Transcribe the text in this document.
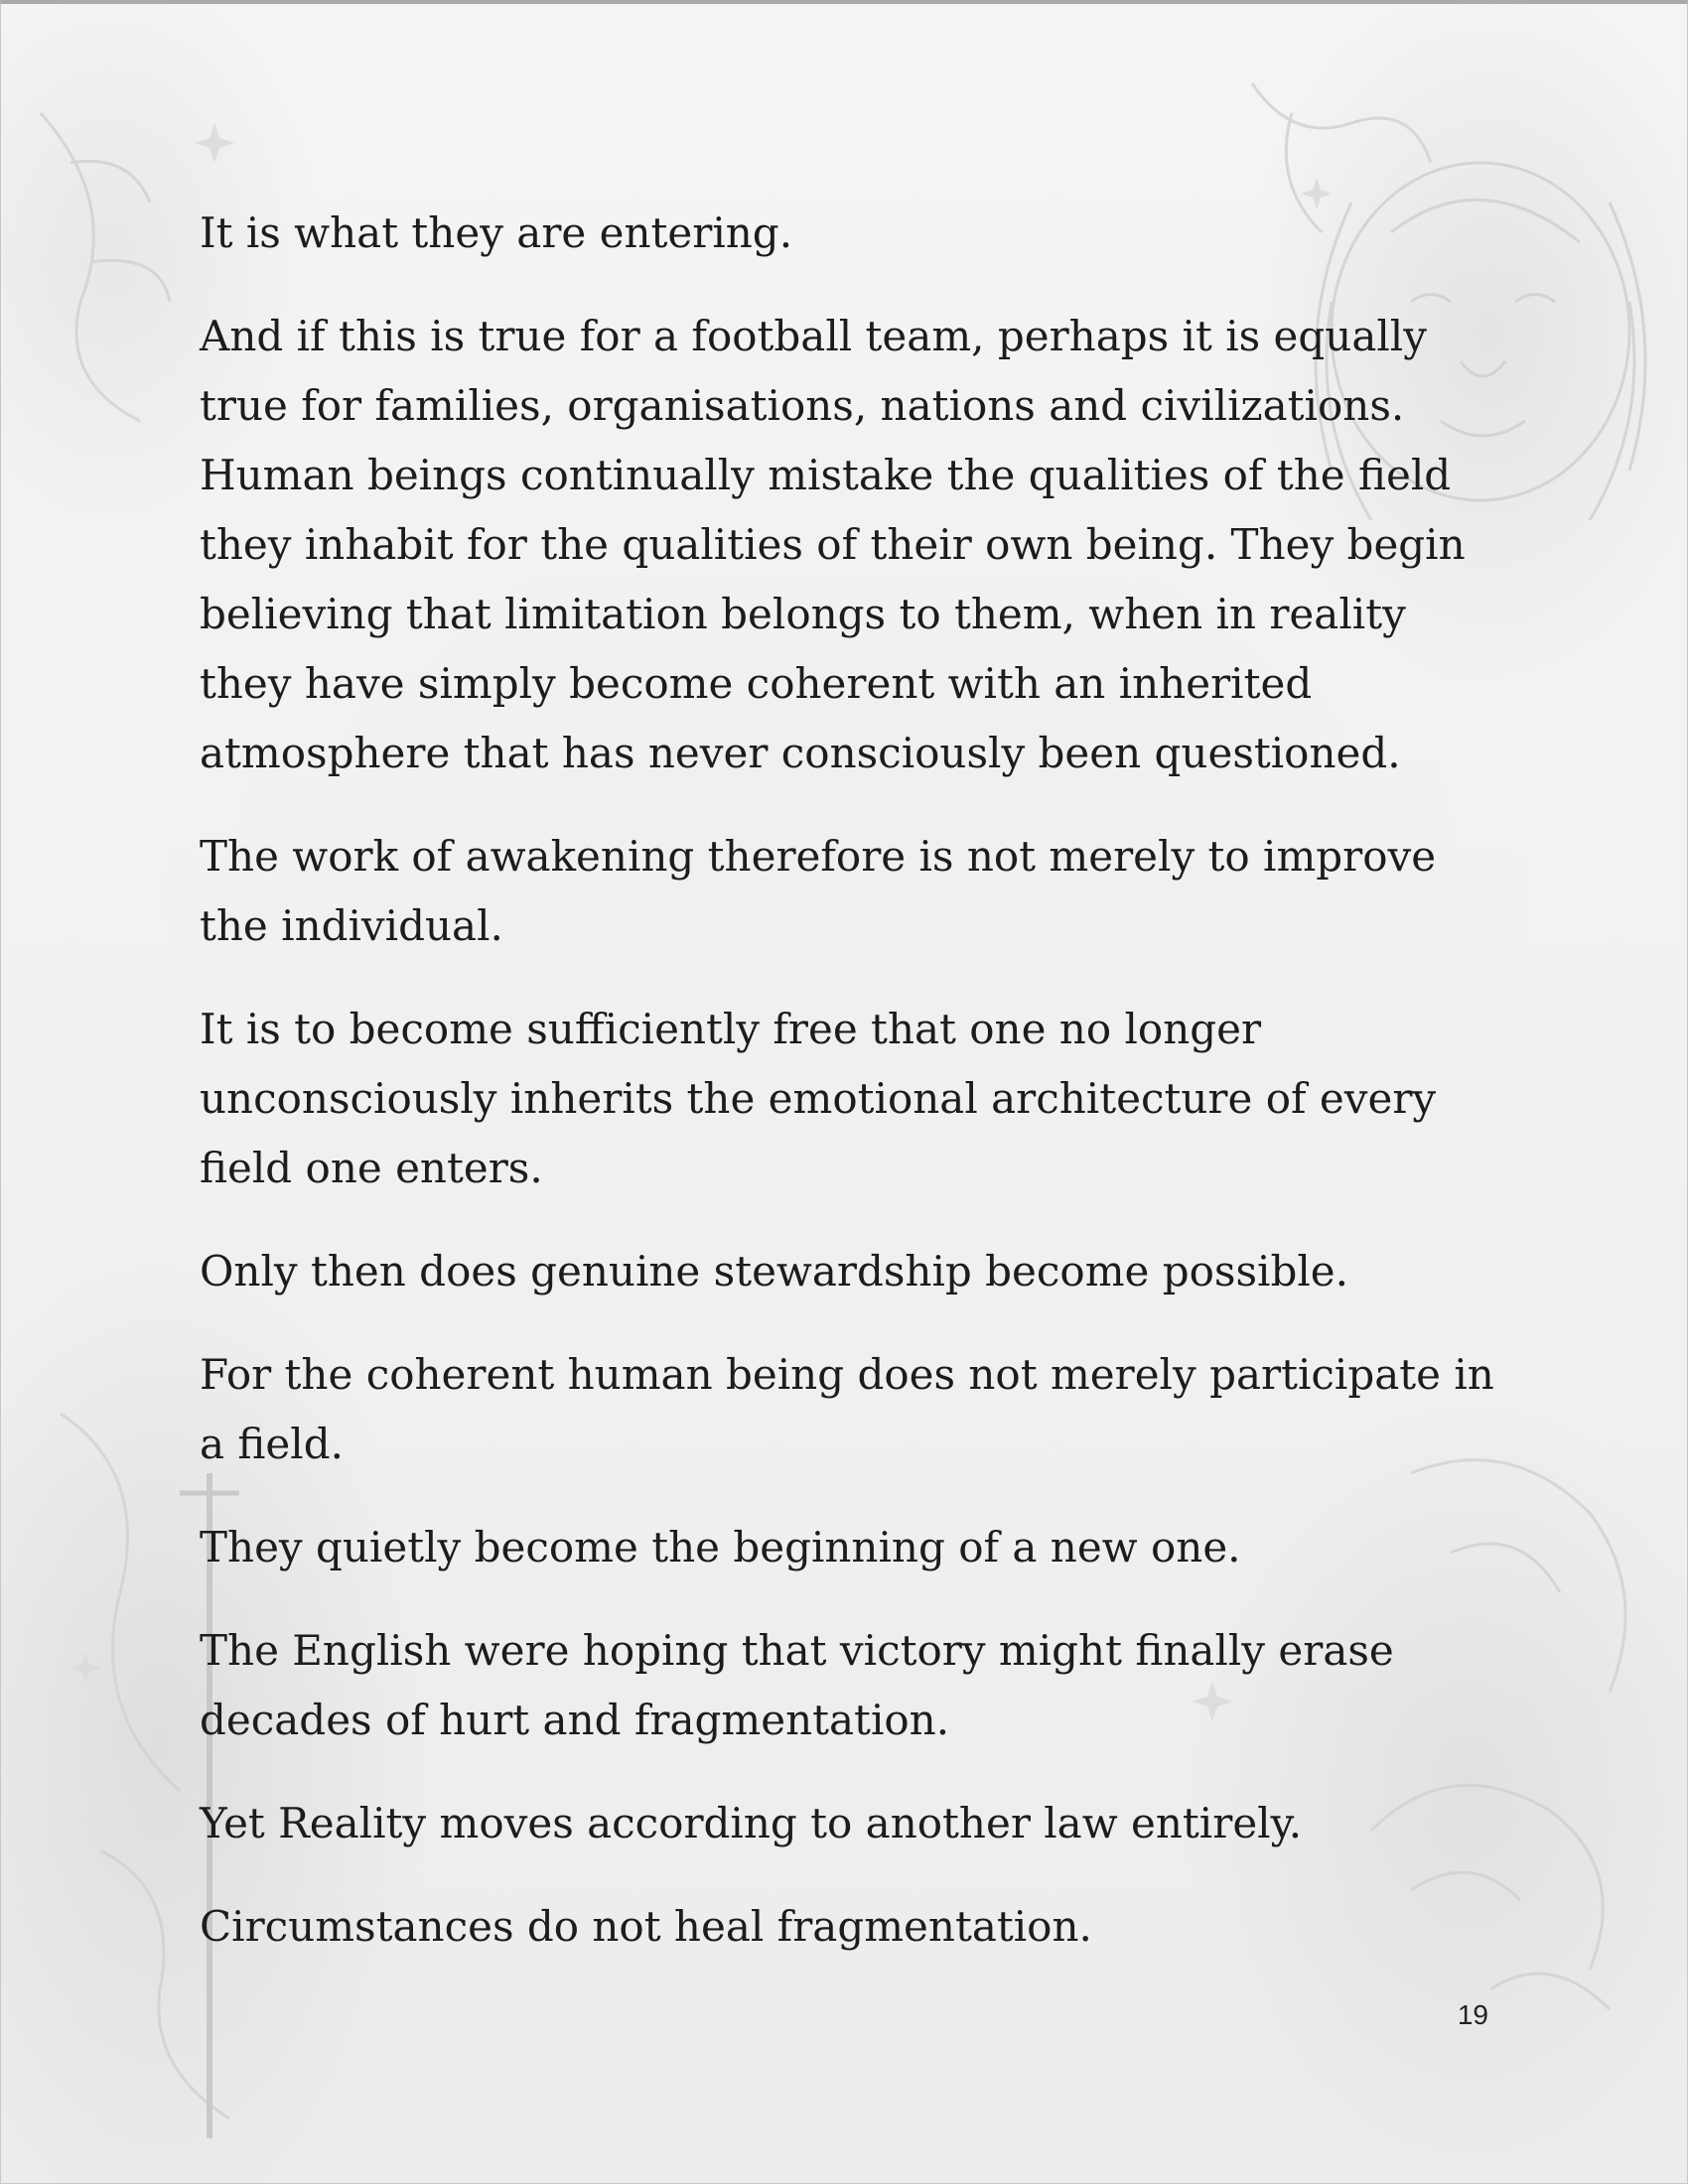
It is what they are entering.

And if this is true for a football team, perhaps it is equally
true for families, organisations, nations and civilizations.
Human beings continually mistake the qualities of the field
they inhabit for the qualities of their own being. They begin
believing that limitation belongs to them, when in reality
they have simply become coherent with an inherited
atmosphere that has never consciously been questioned.

The work of awakening therefore is not merely to improve
the individual.

It is to become sufficiently free that one no longer
unconsciously inherits the emotional architecture of every
field one enters.

Only then does genuine stewardship become possible.

For the coherent human being does not merely participate in
a field.

They quietly become the beginning of a new one.

The English were hoping that victory might finally erase
decades of hurt and fragmentation.

Yet Reality moves according to another law entirely.

Circumstances do not heal fragmentation.

19
